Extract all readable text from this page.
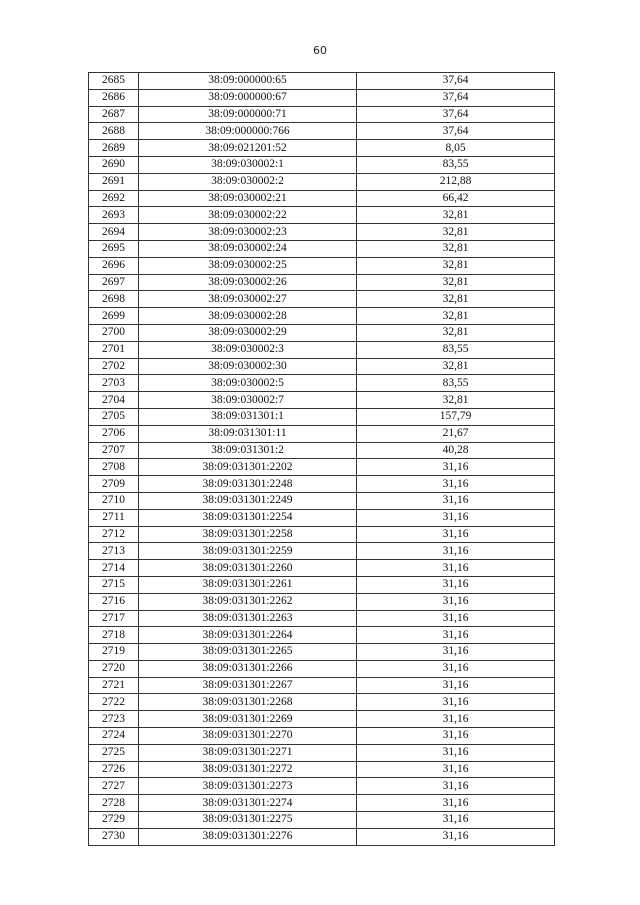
60
2685	38:09:000000:65	37,64
2686	38:09:000000:67	37,64
2687	38:09:000000:71	37,64
2688	38:09:000000:766	37,64
2689	38:09:021201:52	8,05
2690	38:09:030002:1	83,55
2691	38:09:030002:2	212,88
2692	38:09:030002:21	66,42
2693	38:09:030002:22	32,81
2694	38:09:030002:23	32,81
2695	38:09:030002:24	32,81
2696	38:09:030002:25	32,81
2697	38:09:030002:26	32,81
2698	38:09:030002:27	32,81
2699	38:09:030002:28	32,81
2700	38:09:030002:29	32,81
2701	38:09:030002:3	83,55
2702	38:09:030002:30	32,81
2703	38:09:030002:5	83,55
2704	38:09:030002:7	32,81
2705	38:09:031301:1	157,79
2706	38:09:031301:11	21,67
2707	38:09:031301:2	40,28
2708	38:09:031301:2202	31,16
2709	38:09:031301:2248	31,16
2710	38:09:031301:2249	31,16
2711	38:09:031301:2254	31,16
2712	38:09:031301:2258	31,16
2713	38:09:031301:2259	31,16
2714	38:09:031301:2260	31,16
2715	38:09:031301:2261	31,16
2716	38:09:031301:2262	31,16
2717	38:09:031301:2263	31,16
2718	38:09:031301:2264	31,16
2719	38:09:031301:2265	31,16
2720	38:09:031301:2266	31,16
2721	38:09:031301:2267	31,16
2722	38:09:031301:2268	31,16
2723	38:09:031301:2269	31,16
2724	38:09:031301:2270	31,16
2725	38:09:031301:2271	31,16
2726	38:09:031301:2272	31,16
2727	38:09:031301:2273	31,16
2728	38:09:031301:2274	31,16
2729	38:09:031301:2275	31,16
2730	38:09:031301:2276	31,16
